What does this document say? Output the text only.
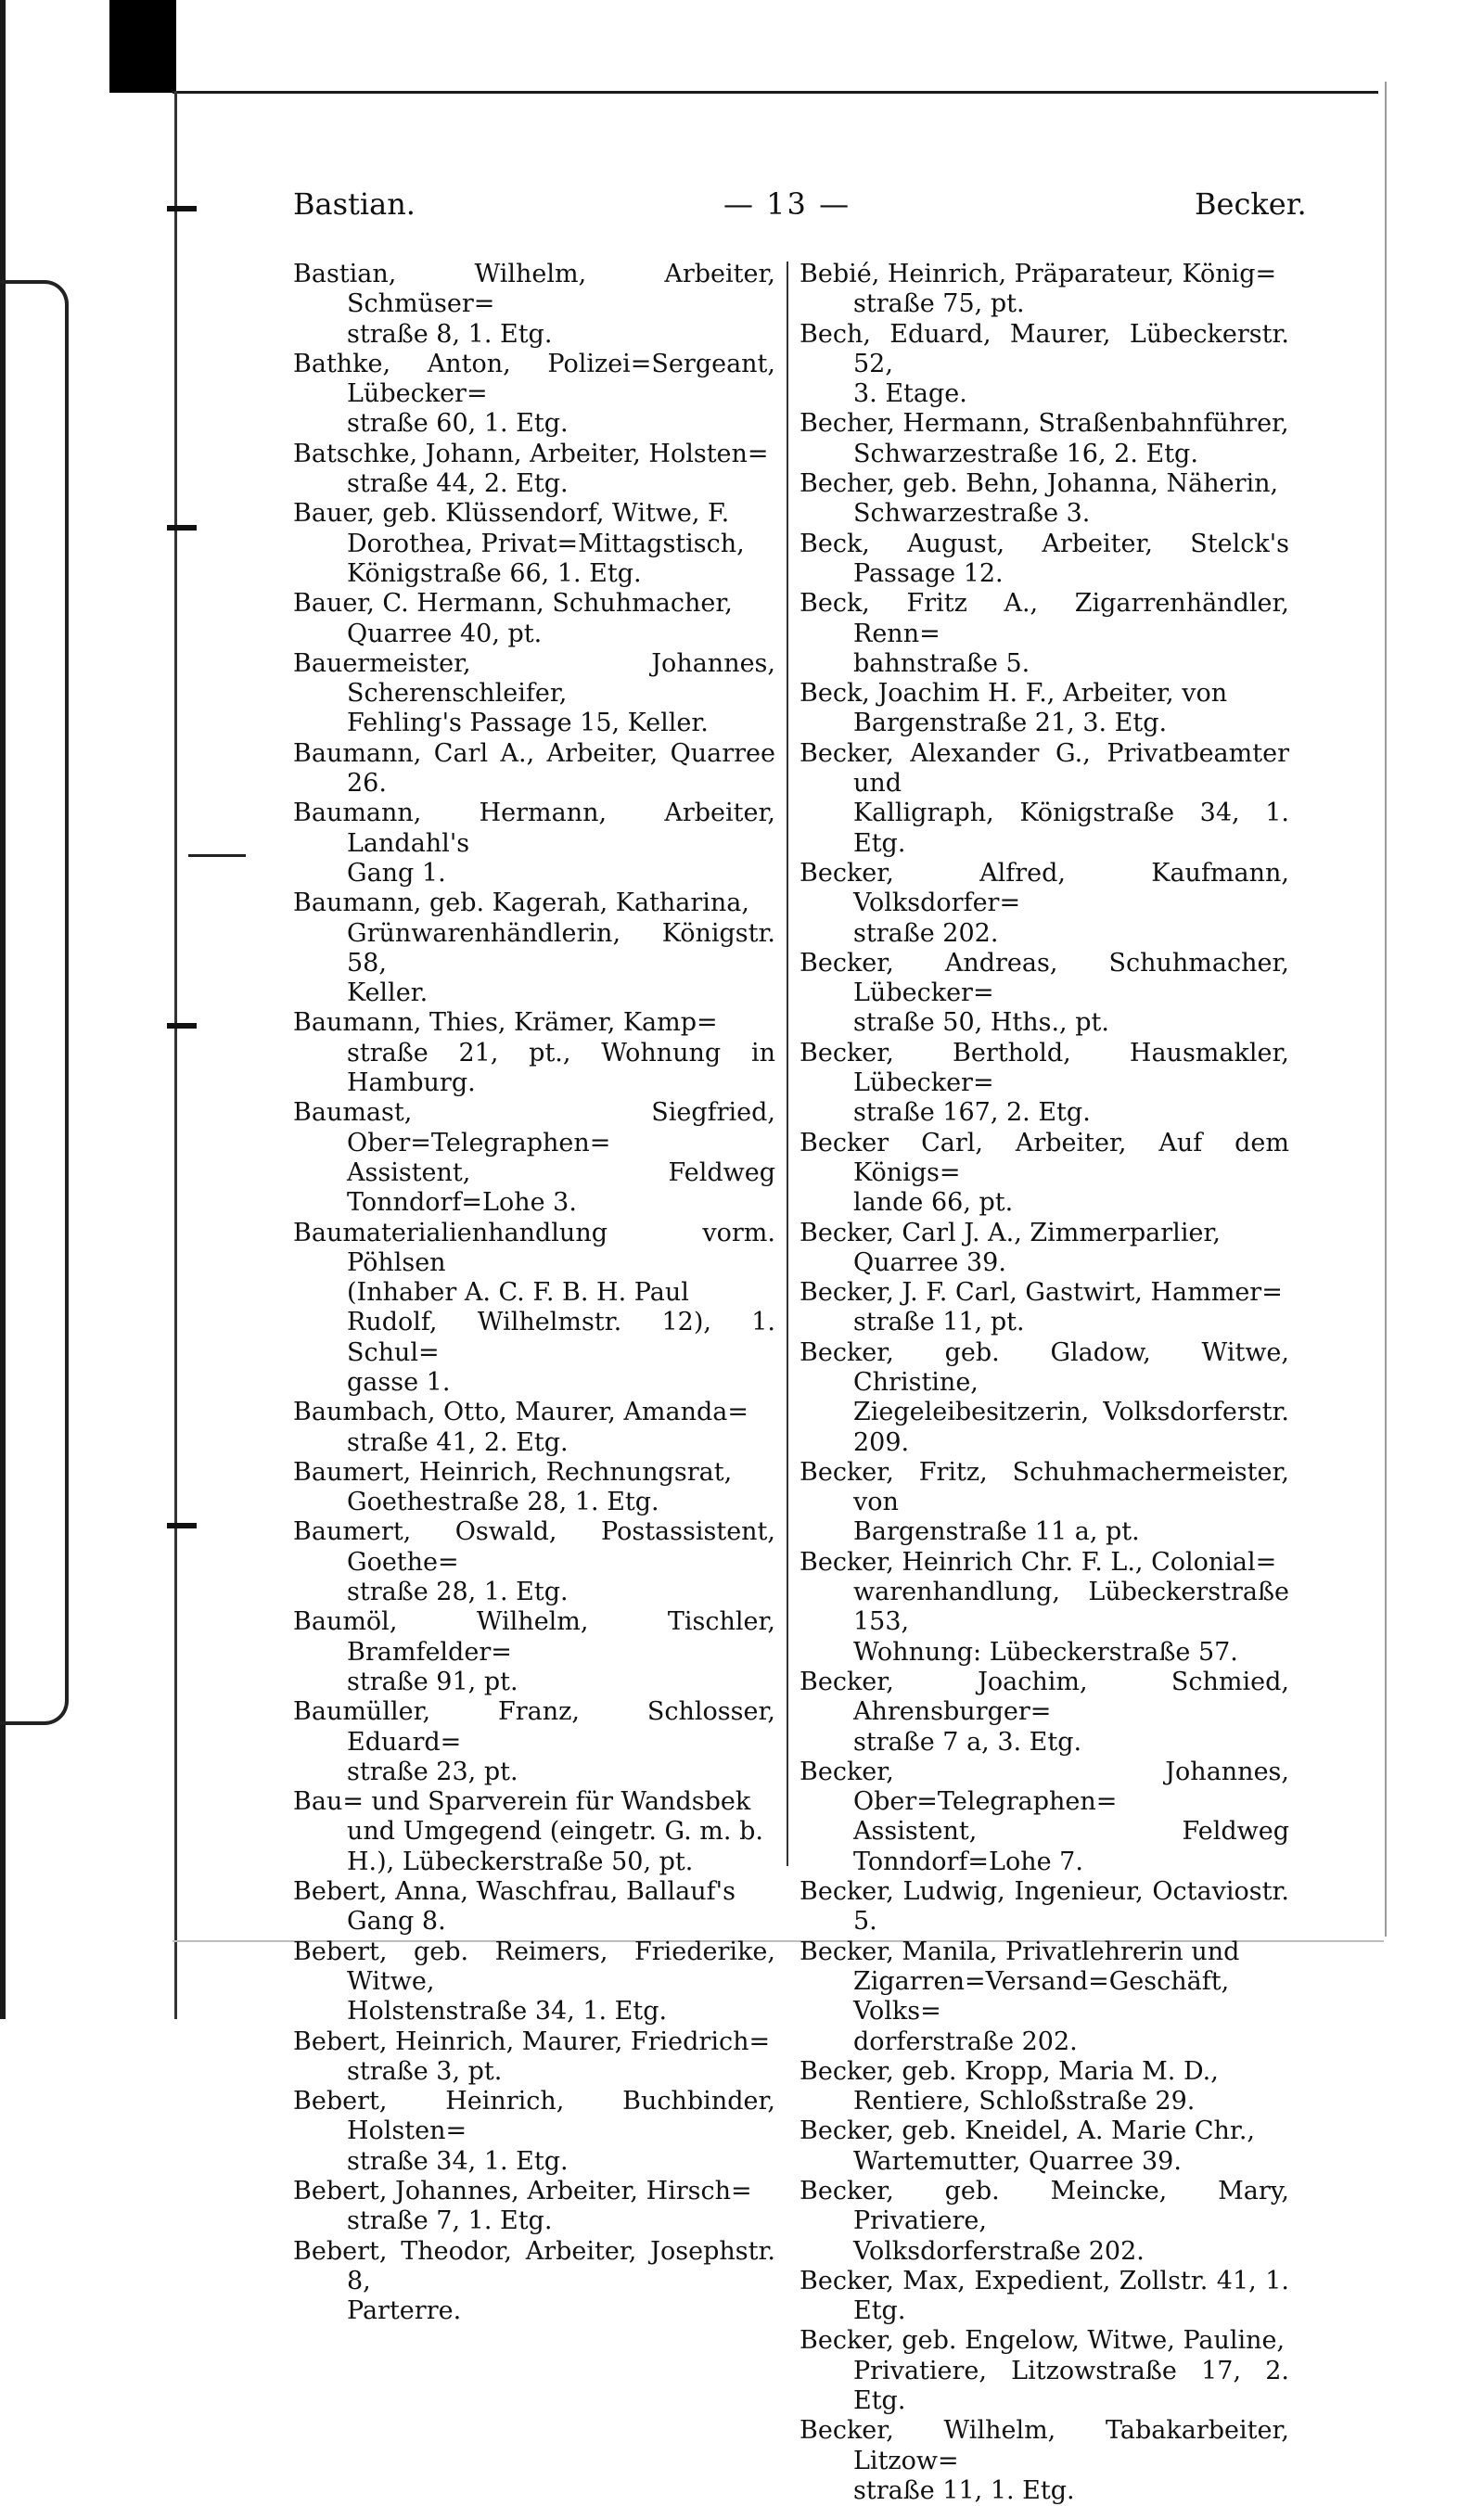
Bastian.	— 13 —	Becker.
Bastian, Wilhelm, Arbeiter, Schmüser=
straße 8, 1. Etg.
Bathke, Anton, Polizei=Sergeant, Lübecker=
straße 60, 1. Etg.
Batschke, Johann, Arbeiter, Holsten=
straße 44, 2. Etg.
Bauer, geb. Klüssendorf, Witwe, F.
Dorothea, Privat=Mittagstisch,
Königstraße 66, 1. Etg.
Bauer, C. Hermann, Schuhmacher,
Quarree 40, pt.
Bauermeister, Johannes, Scherenschleifer,
Fehling's Passage 15, Keller.
Baumann, Carl A., Arbeiter, Quarree 26.
Baumann, Hermann, Arbeiter, Landahl's
Gang 1.
Baumann, geb. Kagerah, Katharina,
Grünwarenhändlerin, Königstr. 58,
Keller.
Baumann, Thies, Krämer, Kamp=
straße 21, pt., Wohnung in Hamburg.
Baumast, Siegfried, Ober=Telegraphen=
Assistent, Feldweg Tonndorf=Lohe 3.
Baumaterialienhandlung vorm. Pöhlsen
(Inhaber A. C. F. B. H. Paul
Rudolf, Wilhelmstr. 12), 1. Schul=
gasse 1.
Baumbach, Otto, Maurer, Amanda=
straße 41, 2. Etg.
Baumert, Heinrich, Rechnungsrat,
Goethestraße 28, 1. Etg.
Baumert, Oswald, Postassistent, Goethe=
straße 28, 1. Etg.
Baumöl, Wilhelm, Tischler, Bramfelder=
straße 91, pt.
Baumüller, Franz, Schlosser, Eduard=
straße 23, pt.
Bau= und Sparverein für Wandsbek
und Umgegend (eingetr. G. m. b.
H.), Lübeckerstraße 50, pt.
Bebert, Anna, Waschfrau, Ballauf's
Gang 8.
Bebert, geb. Reimers, Friederike, Witwe,
Holstenstraße 34, 1. Etg.
Bebert, Heinrich, Maurer, Friedrich=
straße 3, pt.
Bebert, Heinrich, Buchbinder, Holsten=
straße 34, 1. Etg.
Bebert, Johannes, Arbeiter, Hirsch=
straße 7, 1. Etg.
Bebert, Theodor, Arbeiter, Josephstr. 8,
Parterre.
Bebié, Heinrich, Präparateur, König=
straße 75, pt.
Bech, Eduard, Maurer, Lübeckerstr. 52,
3. Etage.
Becher, Hermann, Straßenbahnführer,
Schwarzestraße 16, 2. Etg.
Becher, geb. Behn, Johanna, Näherin,
Schwarzestraße 3.
Beck, August, Arbeiter, Stelck's Passage 12.
Beck, Fritz A., Zigarrenhändler, Renn=
bahnstraße 5.
Beck, Joachim H. F., Arbeiter, von
Bargenstraße 21, 3. Etg.
Becker, Alexander G., Privatbeamter und
Kalligraph, Königstraße 34, 1. Etg.
Becker, Alfred, Kaufmann, Volksdorfer=
straße 202.
Becker, Andreas, Schuhmacher, Lübecker=
straße 50, Hths., pt.
Becker, Berthold, Hausmakler, Lübecker=
straße 167, 2. Etg.
Becker Carl, Arbeiter, Auf dem Königs=
lande 66, pt.
Becker, Carl J. A., Zimmerparlier,
Quarree 39.
Becker, J. F. Carl, Gastwirt, Hammer=
straße 11, pt.
Becker, geb. Gladow, Witwe, Christine,
Ziegeleibesitzerin, Volksdorferstr. 209.
Becker, Fritz, Schuhmachermeister, von
Bargenstraße 11 a, pt.
Becker, Heinrich Chr. F. L., Colonial=
warenhandlung, Lübeckerstraße 153,
Wohnung: Lübeckerstraße 57.
Becker, Joachim, Schmied, Ahrensburger=
straße 7 a, 3. Etg.
Becker, Johannes, Ober=Telegraphen=
Assistent, Feldweg Tonndorf=Lohe 7.
Becker, Ludwig, Ingenieur, Octaviostr. 5.
Becker, Manila, Privatlehrerin und
Zigarren=Versand=Geschäft, Volks=
dorferstraße 202.
Becker, geb. Kropp, Maria M. D.,
Rentiere, Schloßstraße 29.
Becker, geb. Kneidel, A. Marie Chr.,
Wartemutter, Quarree 39.
Becker, geb. Meincke, Mary, Privatiere,
Volksdorferstraße 202.
Becker, Max, Expedient, Zollstr. 41, 1. Etg.
Becker, geb. Engelow, Witwe, Pauline,
Privatiere, Litzowstraße 17, 2. Etg.
Becker, Wilhelm, Tabakarbeiter, Litzow=
straße 11, 1. Etg.
